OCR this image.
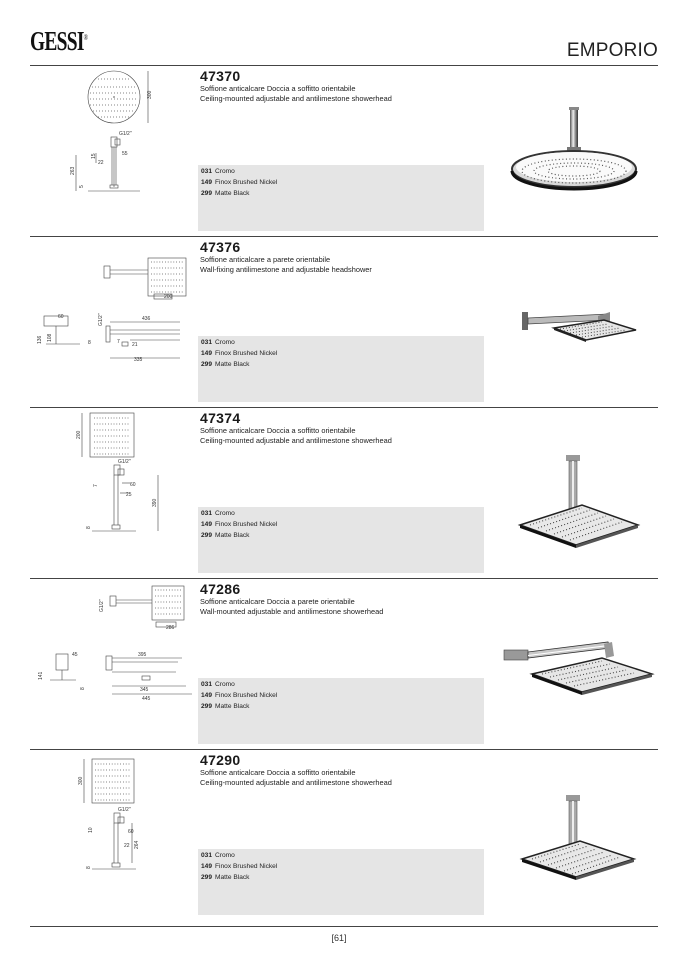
GESSI®
EMPORIO
300
G1/2"
55
15
22
263
5
47370
Soffione anticalcare Doccia a soffitto orientabile
Ceiling-mounted adjustable and antilimestone showerhead
031 Cromo
149 Finox Brushed Nickel
299 Matte Black
200
60	G1/2"	436
136 108	7 21
335
8
47376
Soffione anticalcare a parete orientabile
Wall-fixing antilimestone and adjustable headshower
031 Cromo
149 Finox Brushed Nickel
299 Matte Black
200
G1/2"
60
7
25
390
8
47374
Soffione anticalcare Doccia a soffitto orientabile
Ceiling-mounted adjustable and antilimestone showerhead
031 Cromo
149 Finox Brushed Nickel
299 Matte Black
G1/2"
286
395
45
141
345
445
8
47286
Soffione anticalcare Doccia a parete orientabile
Wall-mounted adjustable and antilimestone showerhead
031 Cromo
149 Finox Brushed Nickel
299 Matte Black
300
G1/2"
60
10
22 264
8
47290
Soffione anticalcare Doccia a soffitto orientabile
Ceiling-mounted adjustable and antilimestone showerhead
031 Cromo
149 Finox Brushed Nickel
299 Matte Black
[61]
